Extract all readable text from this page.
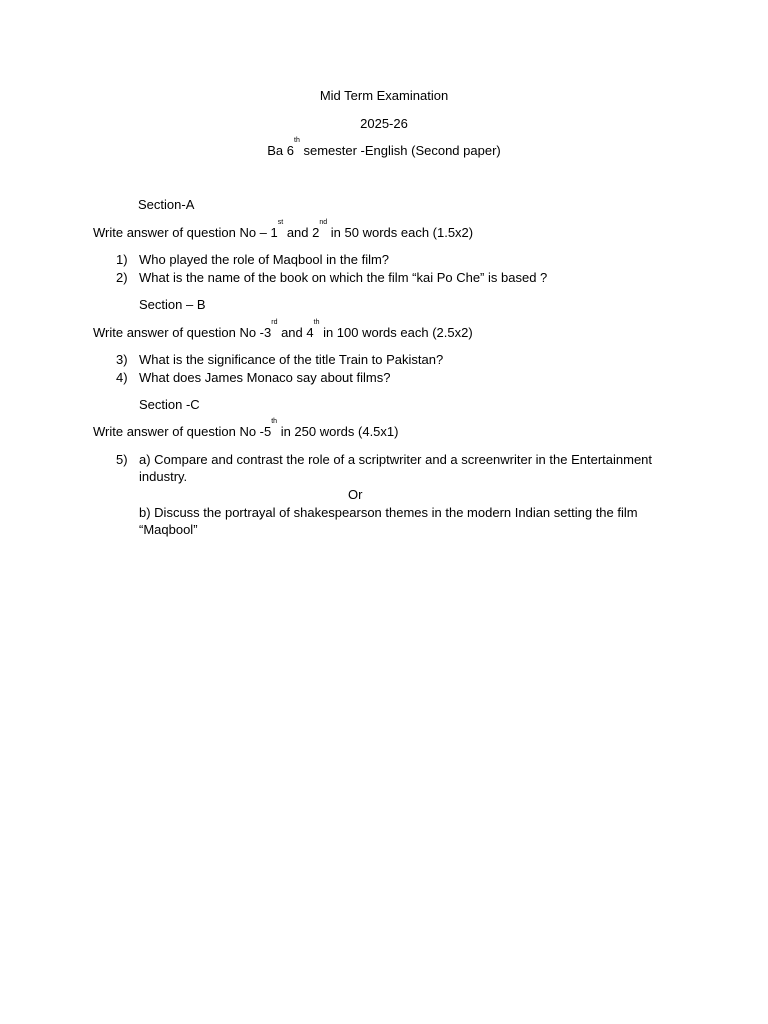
Mid Term Examination
2025-26
Ba 6th semester -English (Second paper)
Section-A
Write answer of question No – 1st and 2nd in 50 words each (1.5x2)
1) Who played the role of Maqbool in the film?
2) What is the name of the book on which the film “kai Po Che” is based ?
Section – B
Write answer of question No -3rd and 4th in 100 words each (2.5x2)
3) What is the significance of the title Train to Pakistan?
4) What does James Monaco say about films?
Section -C
Write answer of question No -5th in 250 words (4.5x1)
5) a) Compare and contrast the role of a scriptwriter and a screenwriter in the Entertainment
industry.
Or
b) Discuss the portrayal of shakespearson themes in the modern Indian setting the film
“Maqbool”
